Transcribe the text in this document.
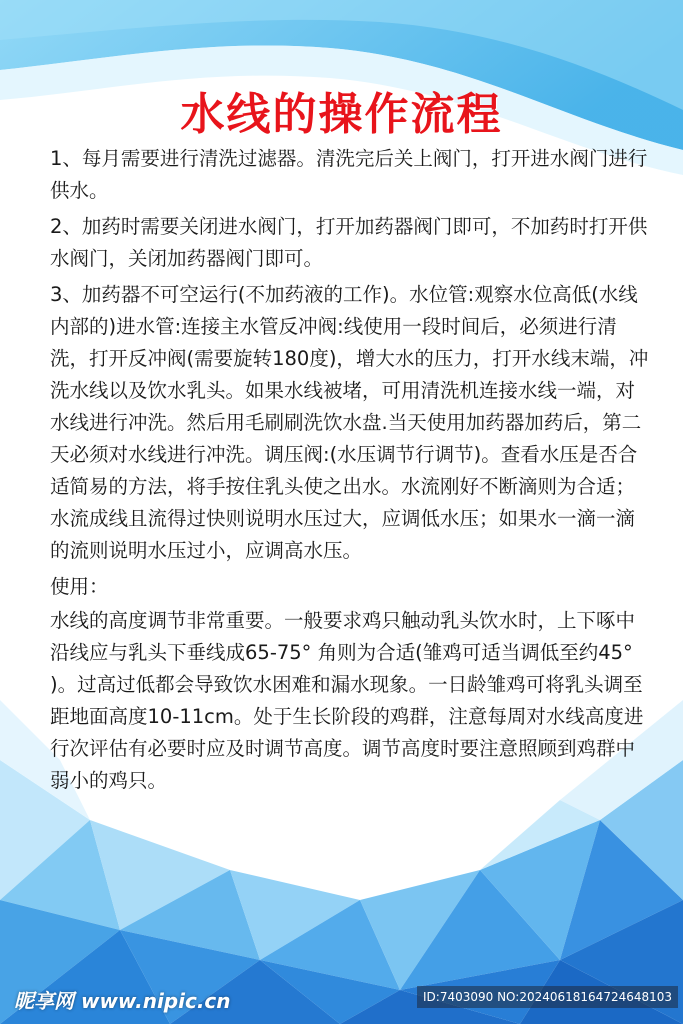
水线的操作流程

1、每月需要进行清洗过滤器。清洗完后关上阀门，打开进水阀门进行供水。

2、加药时需要关闭进水阀门，打开加药器阀门即可，不加药时打开供水阀门，关闭加药器阀门即可。

3、加药器不可空运行(不加药液的工作)。水位管:观察水位高低(水线内部的)进水管:连接主水管反冲阀:线使用一段时间后，必须进行清洗，打开反冲阀(需要旋转180度)，增大水的压力，打开水线末端，冲洗水线以及饮水乳头。如果水线被堵，可用清洗机连接水线一端，对水线进行冲洗。然后用毛刷刷洗饮水盘.当天使用加药器加药后，第二天必须对水线进行冲洗。调压阀:(水压调节行调节)。查看水压是否合适简易的方法，将手按住乳头使之出水。水流刚好不断滴则为合适；水流成线且流得过快则说明水压过大，应调低水压；如果水一滴一滴的流则说明水压过小，应调高水压。

使用：

水线的高度调节非常重要。一般要求鸡只触动乳头饮水时，上下啄中沿线应与乳头下垂线成65-75° 角则为合适(雏鸡可适当调低至约45° )。过高过低都会导致饮水困难和漏水现象。一日龄雏鸡可将乳头调至距地面高度10-11cm。处于生长阶段的鸡群，注意每周对水线高度进行次评估有必要时应及时调节高度。调节高度时要注意照顾到鸡群中弱小的鸡只。

昵享网 www.nipic.cn	ID:7403090 NO:20240618164724648103
